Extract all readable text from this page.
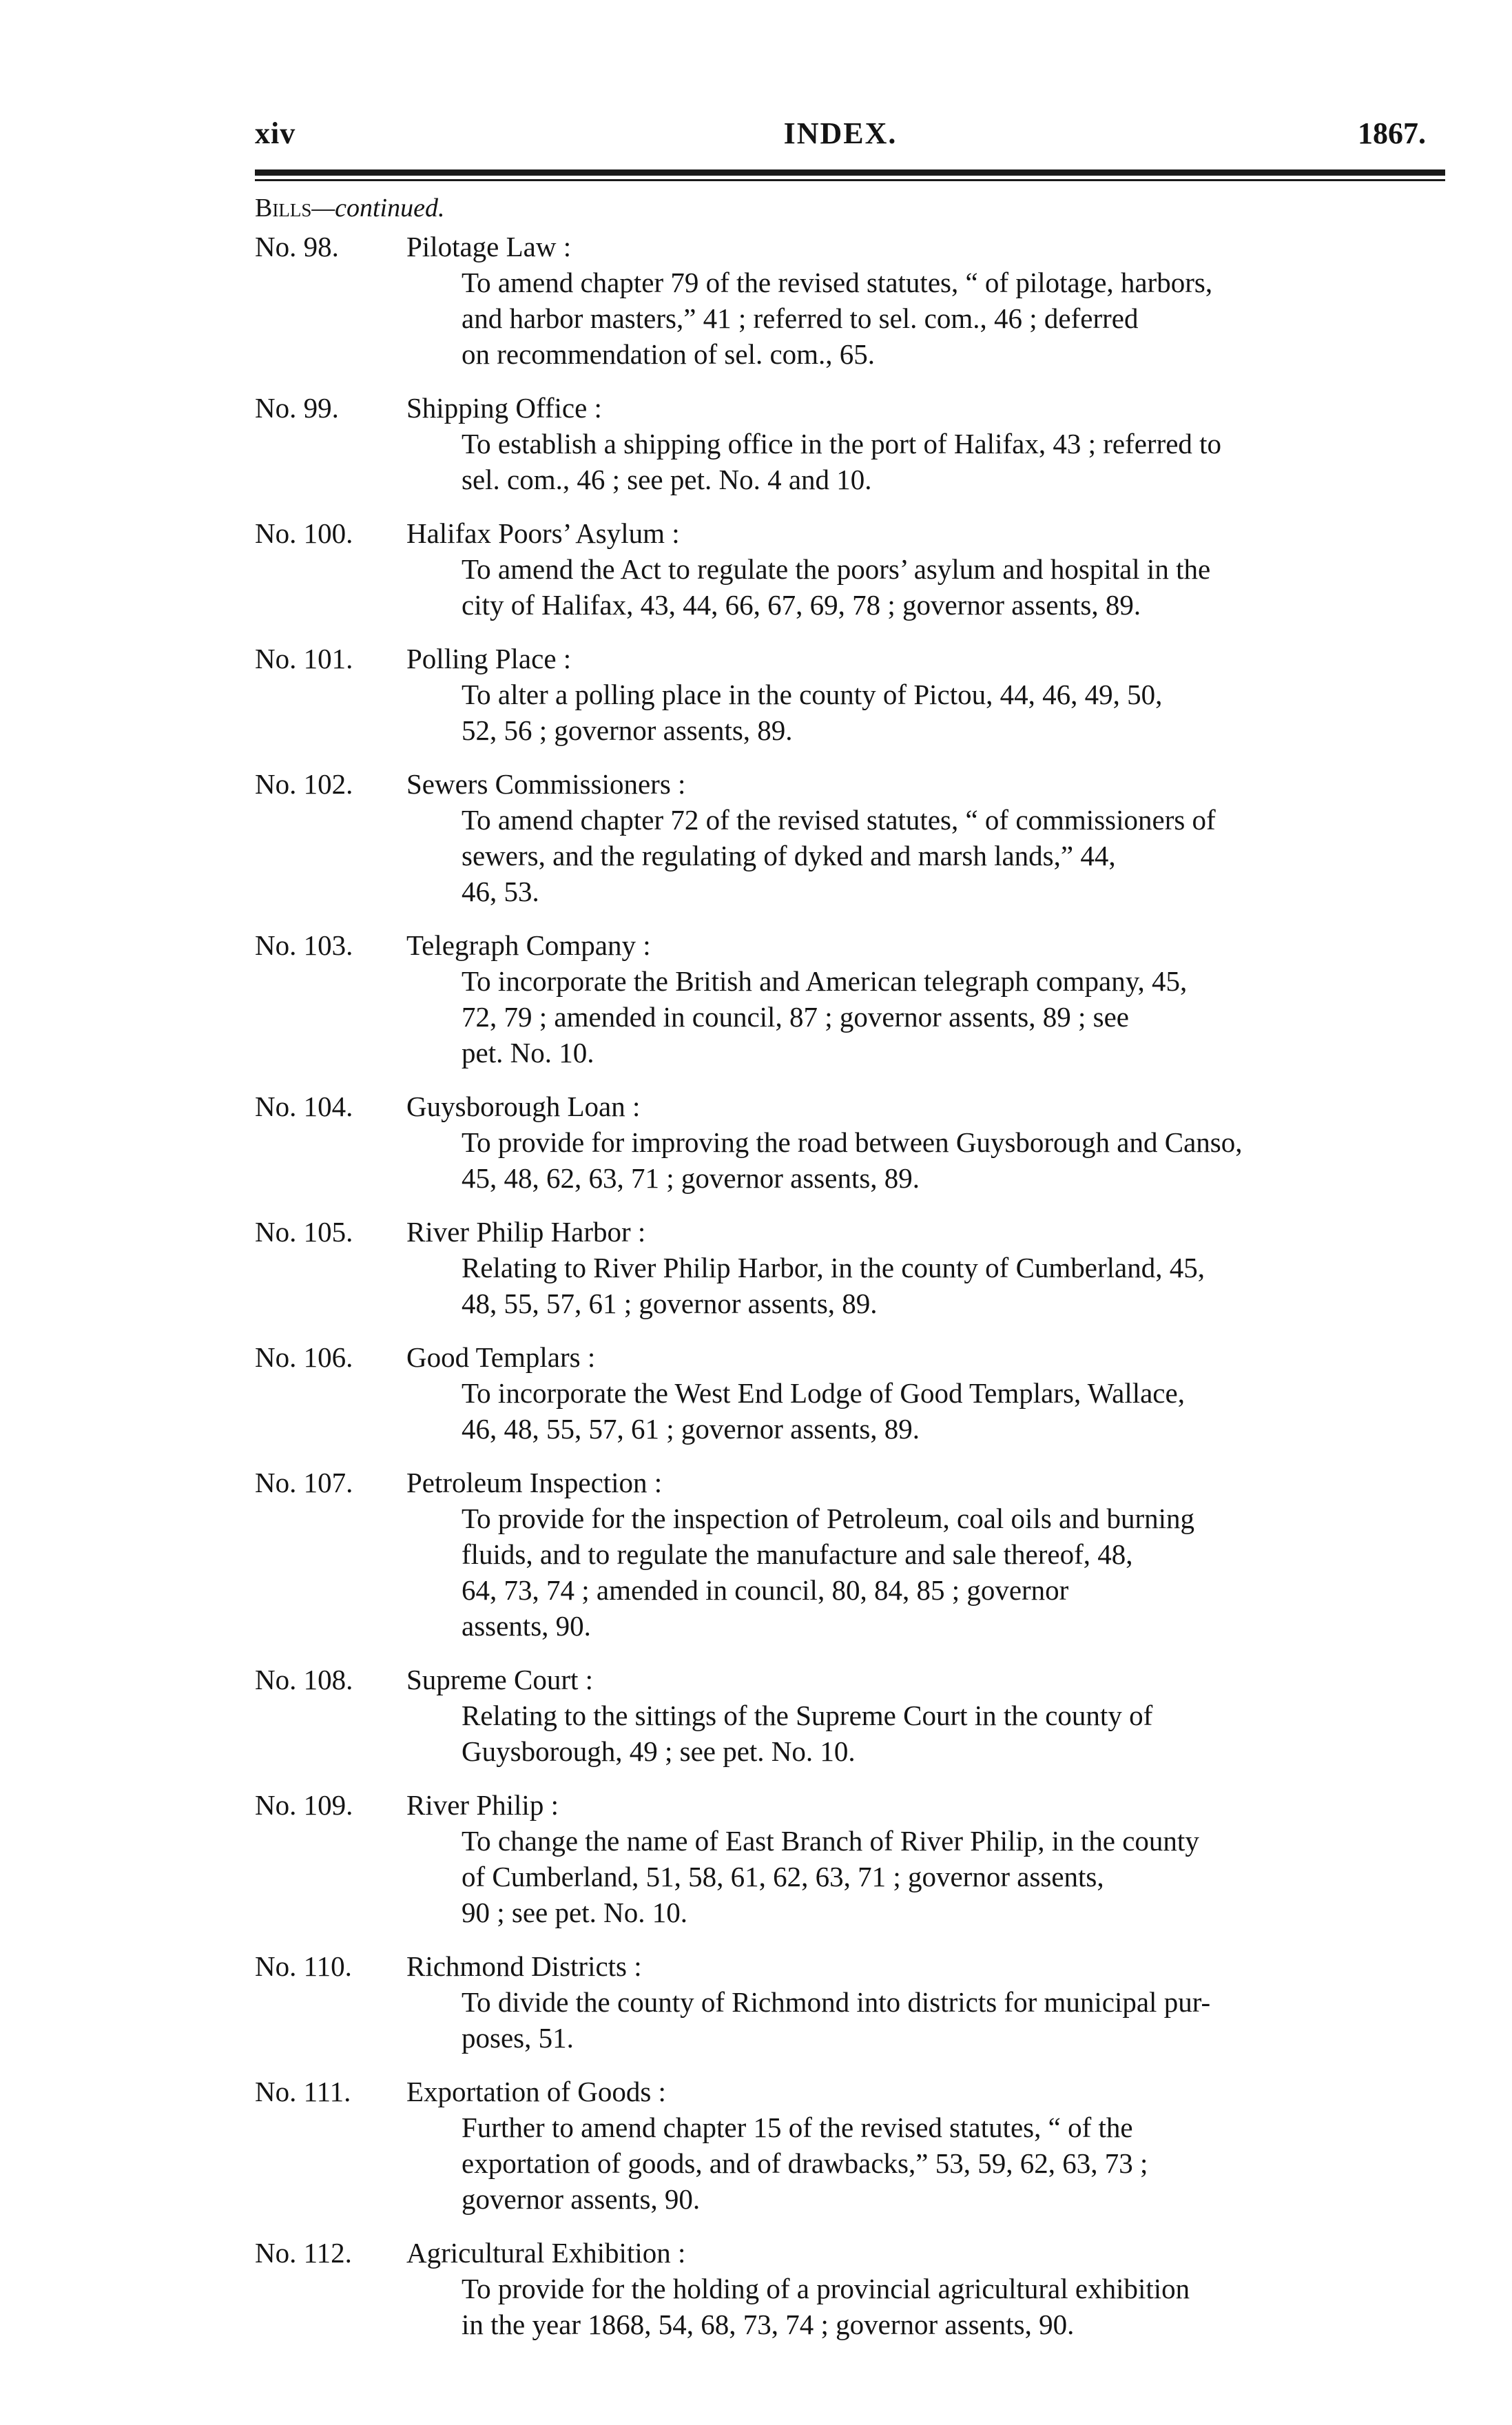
xiv	INDEX.	1867.
Bills—continued.
No. 98. Pilotage Law :
To amend chapter 79 of the revised statutes, “ of pilotage, harbors,
and harbor masters,” 41 ; referred to sel. com., 46 ; deferred
on recommendation of sel. com., 65.
No. 99. Shipping Office :
To establish a shipping office in the port of Halifax, 43 ; referred to
sel. com., 46 ; see pet. No. 4 and 10.
No. 100. Halifax Poors’ Asylum :
To amend the Act to regulate the poors’ asylum and hospital in the
city of Halifax, 43, 44, 66, 67, 69, 78 ; governor assents, 89.
No. 101. Polling Place :
To alter a polling place in the county of Pictou, 44, 46, 49, 50,
52, 56 ; governor assents, 89.
No. 102. Sewers Commissioners :
To amend chapter 72 of the revised statutes, “ of commissioners of
sewers, and the regulating of dyked and marsh lands,” 44,
46, 53.
No. 103. Telegraph Company :
To incorporate the British and American telegraph company, 45,
72, 79 ; amended in council, 87 ; governor assents, 89 ; see
pet. No. 10.
No. 104. Guysborough Loan :
To provide for improving the road between Guysborough and Canso,
45, 48, 62, 63, 71 ; governor assents, 89.
No. 105. River Philip Harbor :
Relating to River Philip Harbor, in the county of Cumberland, 45,
48, 55, 57, 61 ; governor assents, 89.
No. 106. Good Templars :
To incorporate the West End Lodge of Good Templars, Wallace,
46, 48, 55, 57, 61 ; governor assents, 89.
No. 107. Petroleum Inspection :
To provide for the inspection of Petroleum, coal oils and burning
fluids, and to regulate the manufacture and sale thereof, 48,
64, 73, 74 ; amended in council, 80, 84, 85 ; governor
assents, 90.
No. 108. Supreme Court :
Relating to the sittings of the Supreme Court in the county of
Guysborough, 49 ; see pet. No. 10.
No. 109. River Philip :
To change the name of East Branch of River Philip, in the county
of Cumberland, 51, 58, 61, 62, 63, 71 ; governor assents,
90 ; see pet. No. 10.
No. 110. Richmond Districts :
To divide the county of Richmond into districts for municipal pur-
poses, 51.
No. 111. Exportation of Goods :
Further to amend chapter 15 of the revised statutes, “ of the
exportation of goods, and of drawbacks,” 53, 59, 62, 63, 73 ;
governor assents, 90.
No. 112. Agricultural Exhibition :
To provide for the holding of a provincial agricultural exhibition
in the year 1868, 54, 68, 73, 74 ; governor assents, 90.
